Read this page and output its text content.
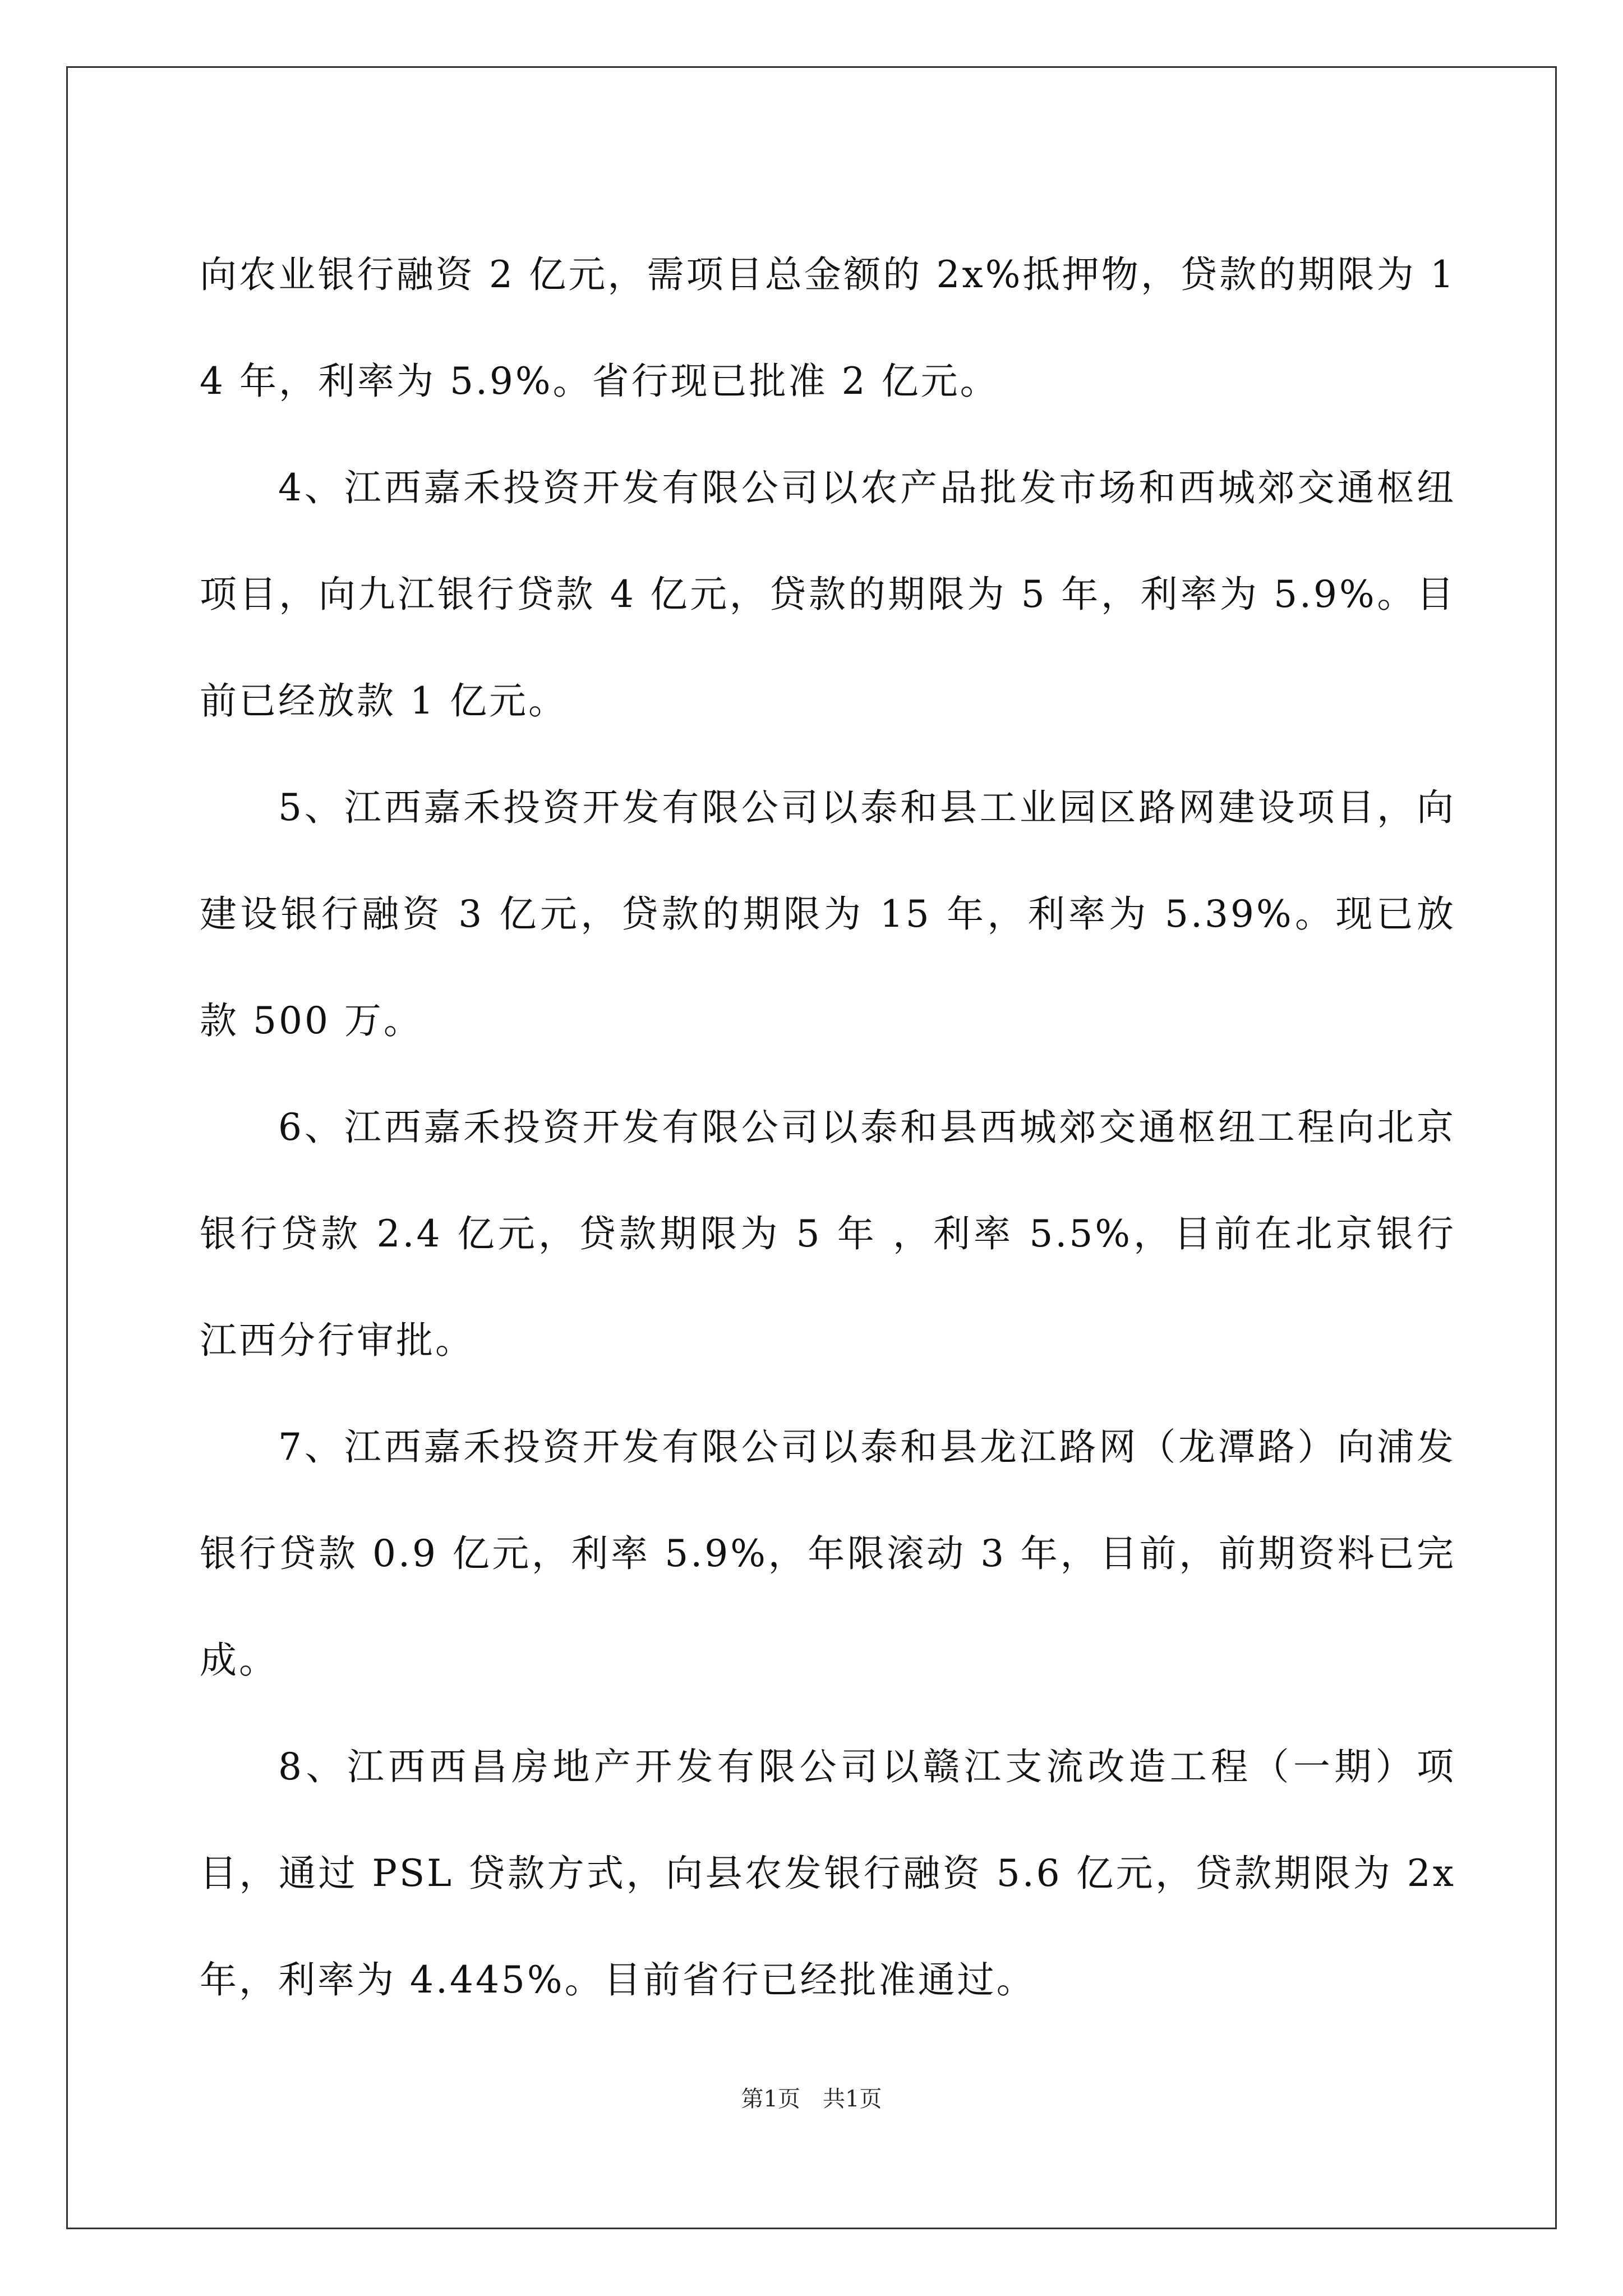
向农业银行融资 2 亿元，需项目总金额的 2x%抵押物，贷款的期限为 14 年，利率为 5.9%。省行现已批准 2 亿元。

4、江西嘉禾投资开发有限公司以农产品批发市场和西城郊交通枢纽项目，向九江银行贷款 4 亿元，贷款的期限为 5 年，利率为 5.9%。目前已经放款 1 亿元。

5、江西嘉禾投资开发有限公司以泰和县工业园区路网建设项目，向建设银行融资 3 亿元，贷款的期限为 15 年，利率为 5.39%。现已放款 500 万。

6、江西嘉禾投资开发有限公司以泰和县西城郊交通枢纽工程向北京银行贷款 2.4 亿元，贷款期限为 5 年 ，利率 5.5%，目前在北京银行江西分行审批。

7、江西嘉禾投资开发有限公司以泰和县龙江路网（龙潭路）向浦发银行贷款 0.9 亿元，利率 5.9%，年限滚动 3 年，目前，前期资料已完成。

8、江西西昌房地产开发有限公司以赣江支流改造工程（一期）项目，通过 PSL 贷款方式，向县农发银行融资 5.6 亿元，贷款期限为 2x 年，利率为 4.445%。目前省行已经批准通过。

第1页 共1页
